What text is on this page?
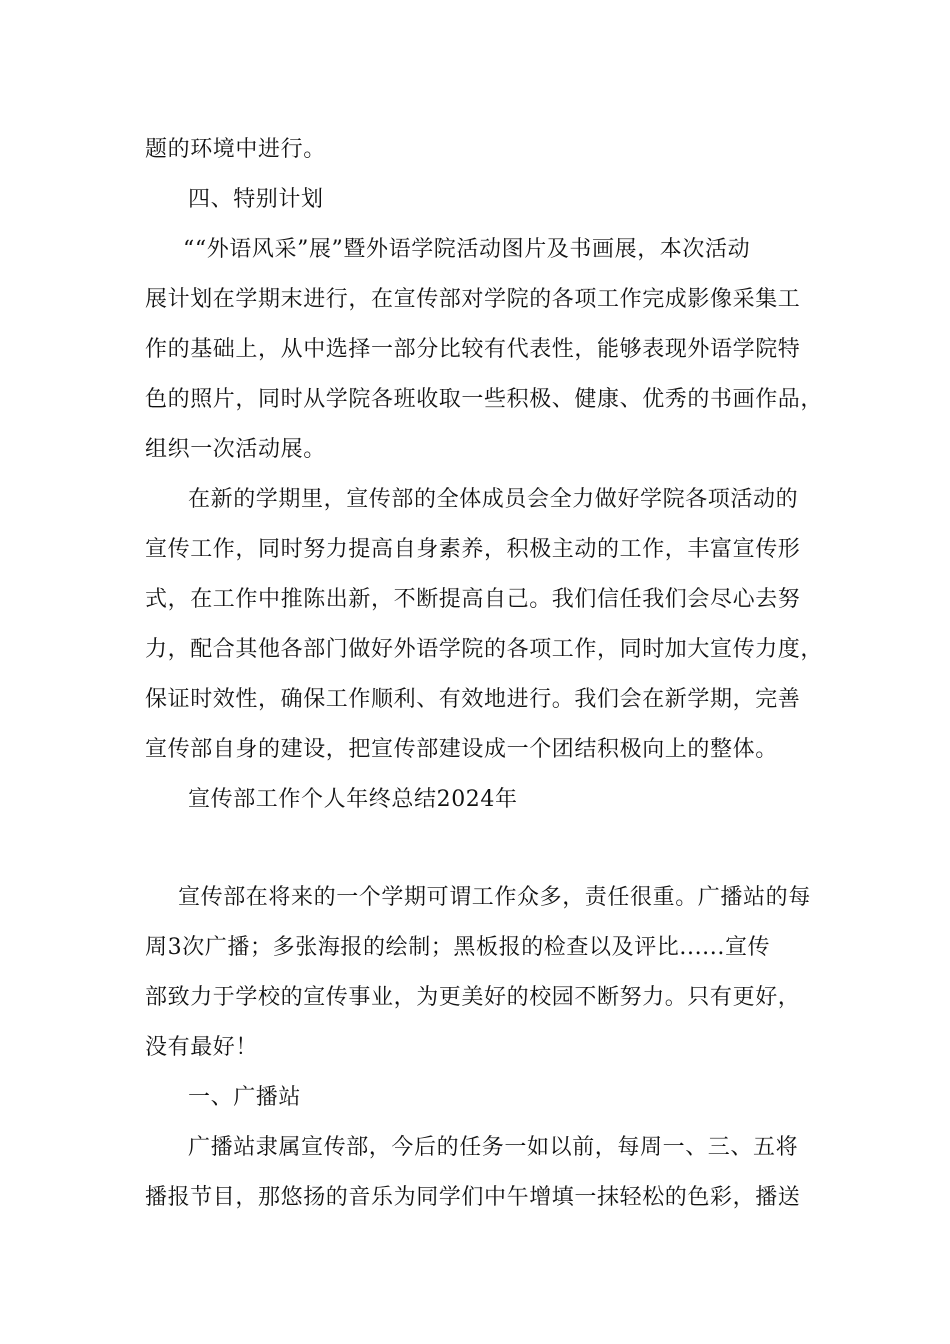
题的环境中进行。
四、特别计划
““外语风采”展”暨外语学院活动图片及书画展，本次活动
展计划在学期末进行，在宣传部对学院的各项工作完成影像采集工
作的基础上，从中选择一部分比较有代表性，能够表现外语学院特
色的照片，同时从学院各班收取一些积极、健康、优秀的书画作品，
组织一次活动展。
在新的学期里，宣传部的全体成员会全力做好学院各项活动的
宣传工作，同时努力提高自身素养，积极主动的工作，丰富宣传形
式，在工作中推陈出新，不断提高自己。我们信任我们会尽心去努
力，配合其他各部门做好外语学院的各项工作，同时加大宣传力度，
保证时效性，确保工作顺利、有效地进行。我们会在新学期，完善
宣传部自身的建设，把宣传部建设成一个团结积极向上的整体。
宣传部工作个人年终总结2024年
宣传部在将来的一个学期可谓工作众多，责任很重。广播站的每
周3次广播；多张海报的绘制；黑板报的检查以及评比......宣传
部致力于学校的宣传事业，为更美好的校园不断努力。只有更好，
没有最好！
一、广播站
广播站隶属宣传部，今后的任务一如以前，每周一、三、五将
播报节目，那悠扬的音乐为同学们中午增填一抹轻松的色彩，播送
